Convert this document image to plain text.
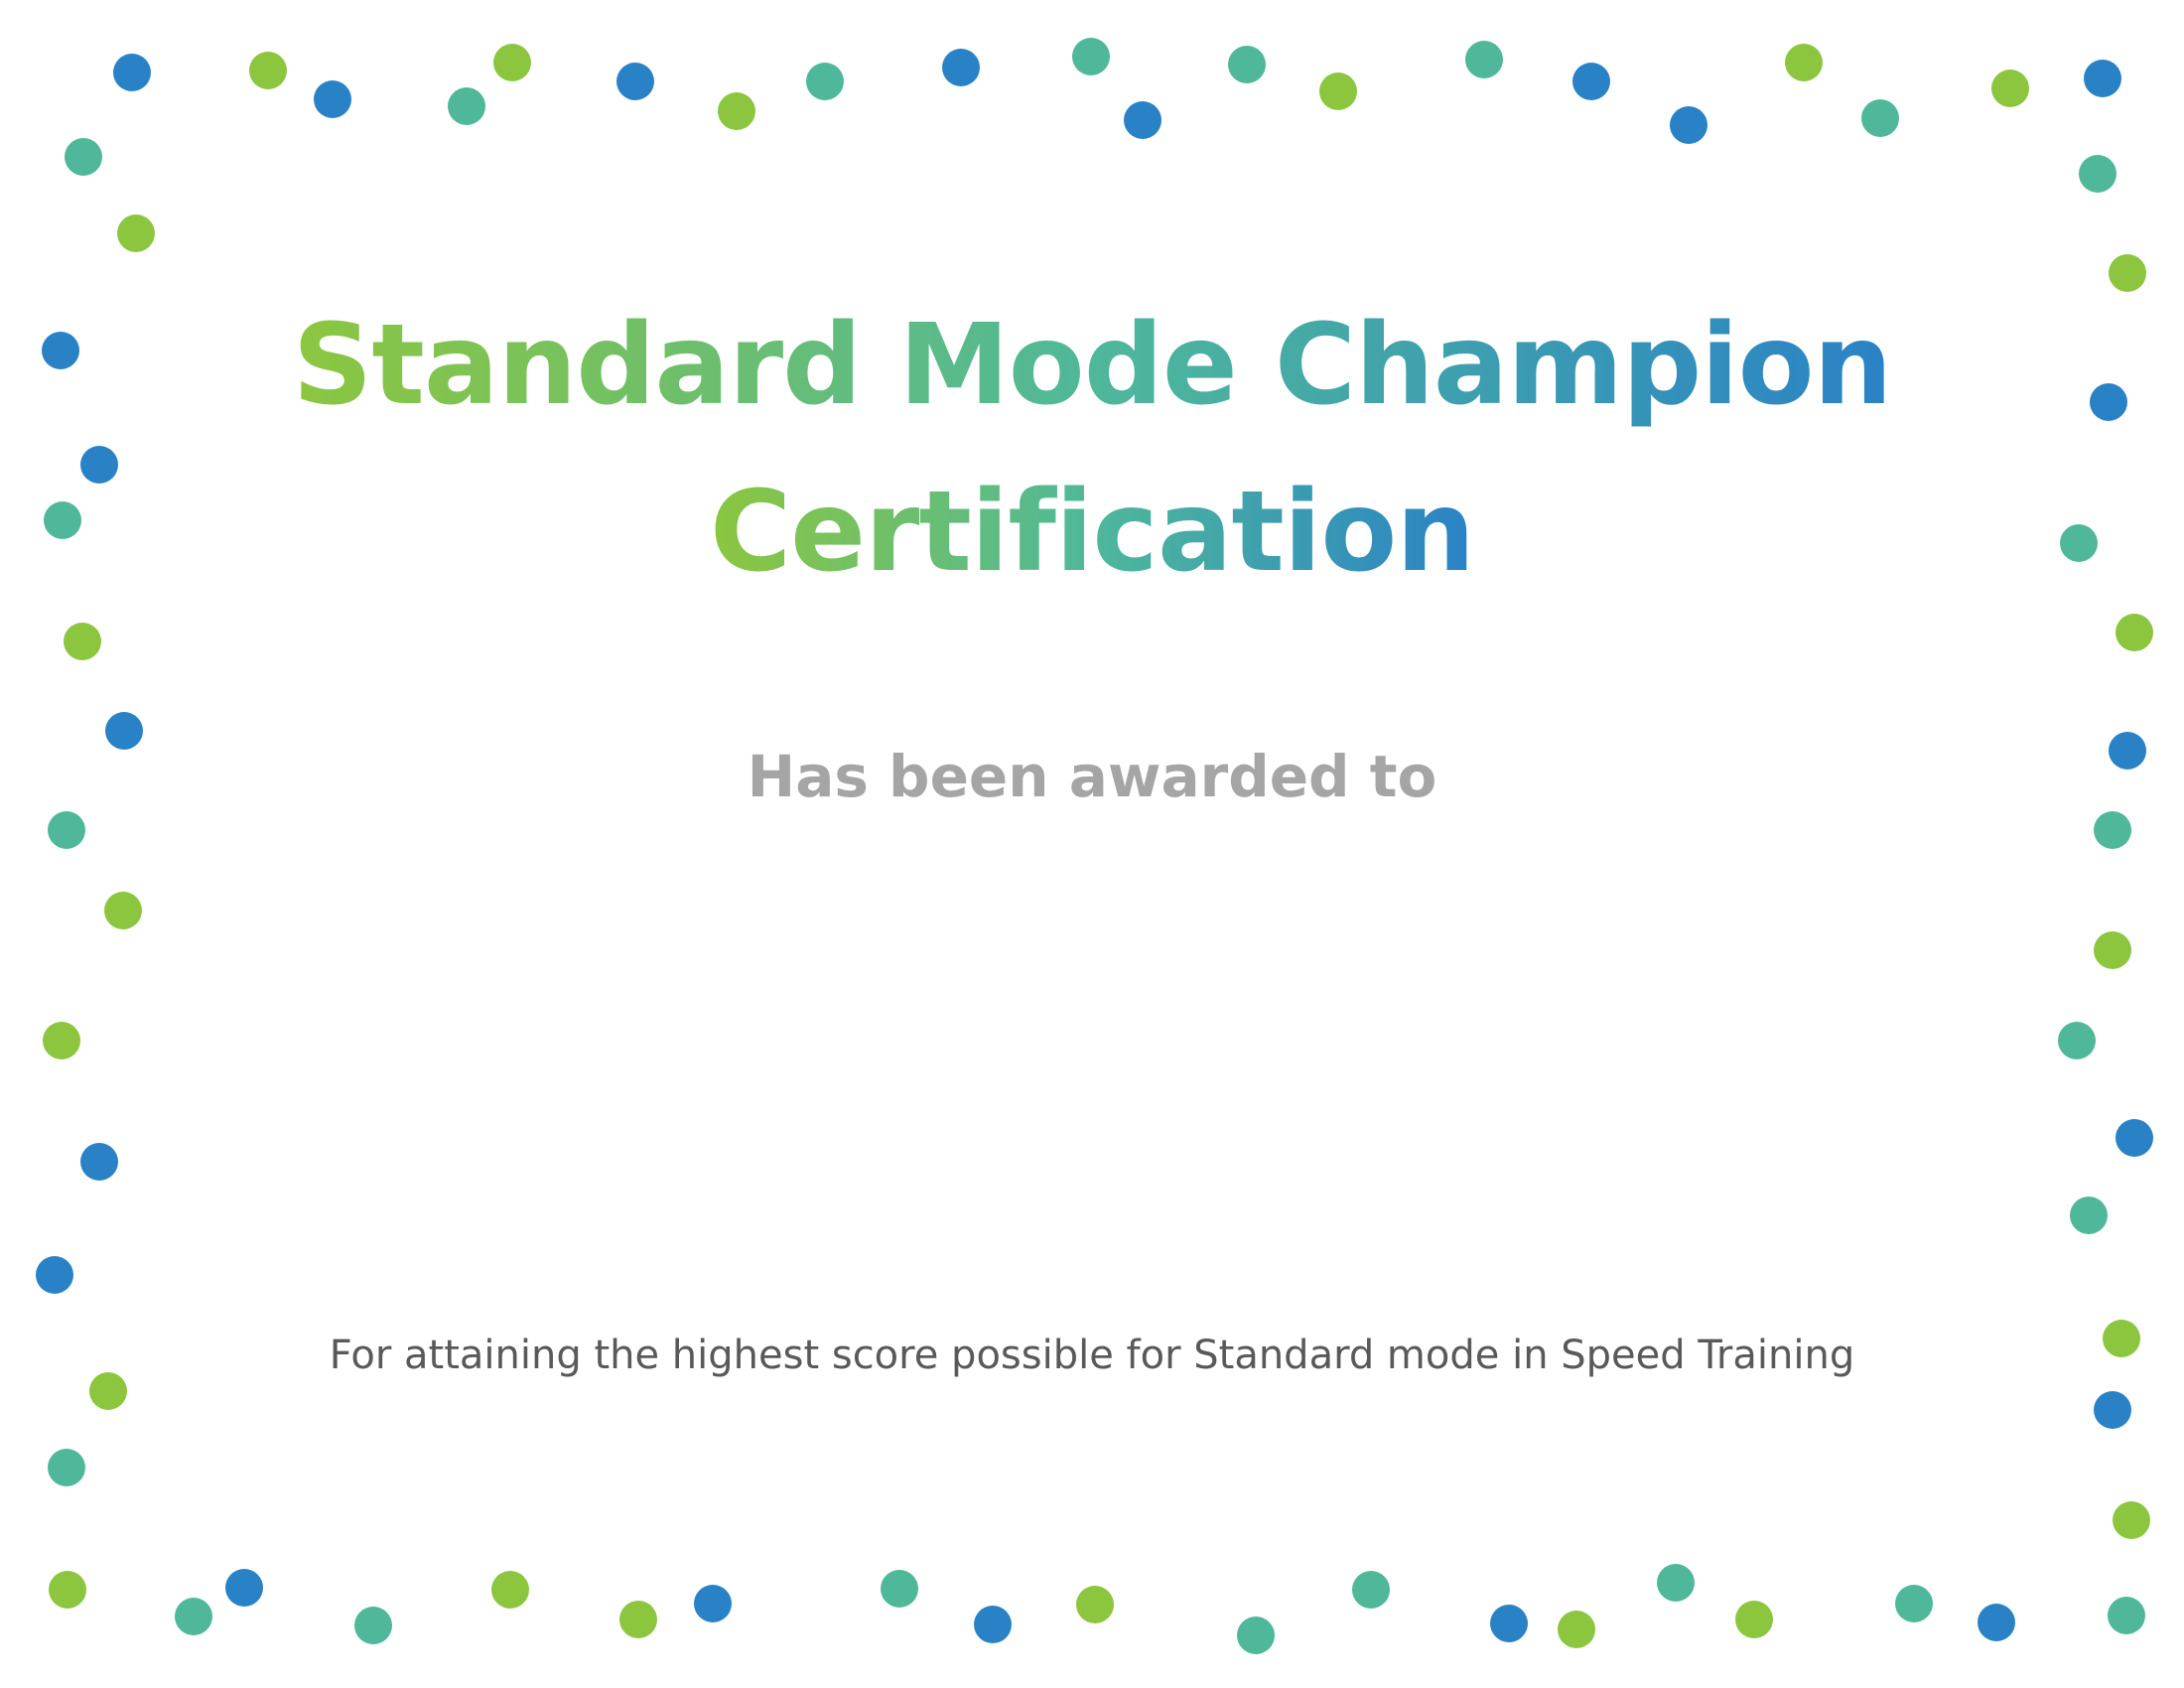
Standard Mode Champion
Certification
Has been awarded to
For attaining the highest score possible for Standard mode in Speed Training
